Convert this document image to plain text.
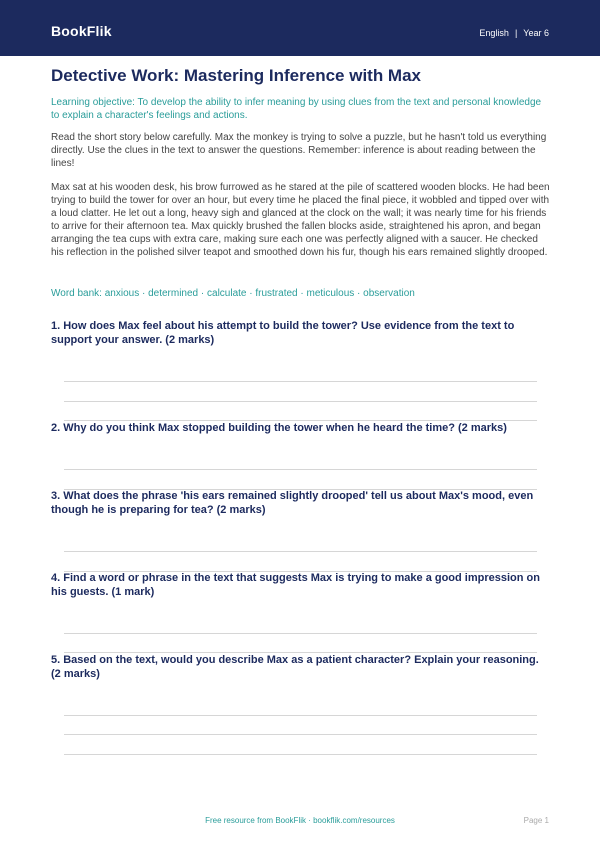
BookFlik	English | Year 6
Detective Work: Mastering Inference with Max
Learning objective: To develop the ability to infer meaning by using clues from the text and personal knowledge to explain a character's feelings and actions.
Read the short story below carefully. Max the monkey is trying to solve a puzzle, but he hasn't told us everything directly. Use the clues in the text to answer the questions. Remember: inference is about reading between the lines!
Max sat at his wooden desk, his brow furrowed as he stared at the pile of scattered wooden blocks. He had been trying to build the tower for over an hour, but every time he placed the final piece, it wobbled and tipped over with a loud clatter. He let out a long, heavy sigh and glanced at the clock on the wall; it was nearly time for his friends to arrive for their afternoon tea. Max quickly brushed the fallen blocks aside, straightened his apron, and began arranging the tea cups with extra care, making sure each one was perfectly aligned with a saucer. He checked his reflection in the polished silver teapot and smoothed down his fur, though his ears remained slightly drooped.
Word bank: anxious · determined · calculate · frustrated · meticulous · observation
1. How does Max feel about his attempt to build the tower? Use evidence from the text to support your answer. (2 marks)
2. Why do you think Max stopped building the tower when he heard the time? (2 marks)
3. What does the phrase 'his ears remained slightly drooped' tell us about Max's mood, even though he is preparing for tea? (2 marks)
4. Find a word or phrase in the text that suggests Max is trying to make a good impression on his guests. (1 mark)
5. Based on the text, would you describe Max as a patient character? Explain your reasoning. (2 marks)
Free resource from BookFlik · bookflik.com/resources	Page 1
